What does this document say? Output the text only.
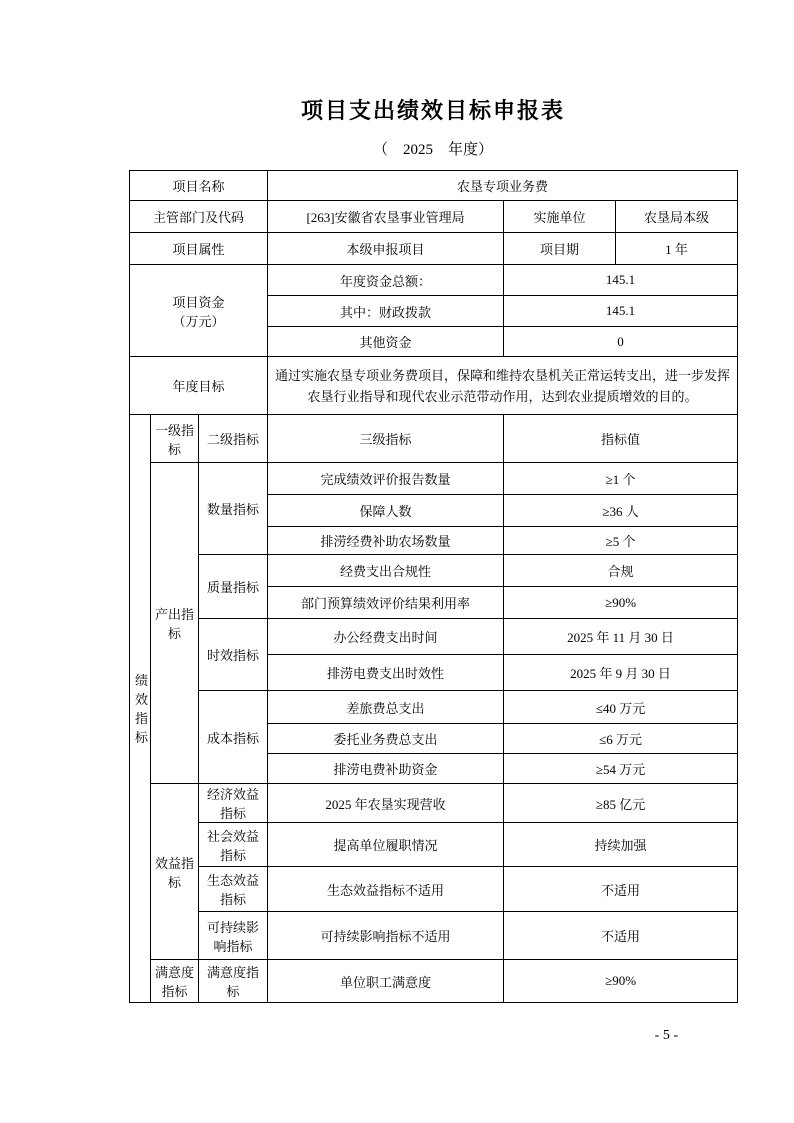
项目支出绩效目标申报表
（　2025　年度）
项目名称			农垦专项业务费		
主管部门及代码			[263]安徽省农垦事业管理局	实施单位	农垦局本级
项目属性			本级申报项目	项目期	1 年

项目资金
（万元）			年度资金总额：	145.1	
			其中：财政拨款	145.1	
			其他资金	0	
年度目标			通过实施农垦专项业务费项目，保障和维持农垦机关正常运转支出，进一步发挥农垦行业指导和现代农业示范带动作用，达到农业提质增效的目的。		

绩效指标	一级指标	二级指标	三级指标	指标值	
	产出指标	数量指标	完成绩效评价报告数量	≥1 个	
			保障人数	≥36 人	
			排涝经费补助农场数量	≥5 个	
		质量指标	经费支出合规性	合规	
			部门预算绩效评价结果利用率	≥90%	
		时效指标	办公经费支出时间	2025 年 11 月 30 日	
			排涝电费支出时效性	2025 年 9 月 30 日	
		成本指标	差旅费总支出	≤40 万元	
			委托业务费总支出	≤6 万元	
			排涝电费补助资金	≥54 万元	
	效益指标	经济效益指标	2025 年农垦实现营收	≥85 亿元	
		社会效益指标	提高单位履职情况	持续加强	
		生态效益指标	生态效益指标不适用	不适用	
		可持续影响指标	可持续影响指标不适用	不适用	
	满意度指标	满意度指标	单位职工满意度	≥90%	
- 5 -
